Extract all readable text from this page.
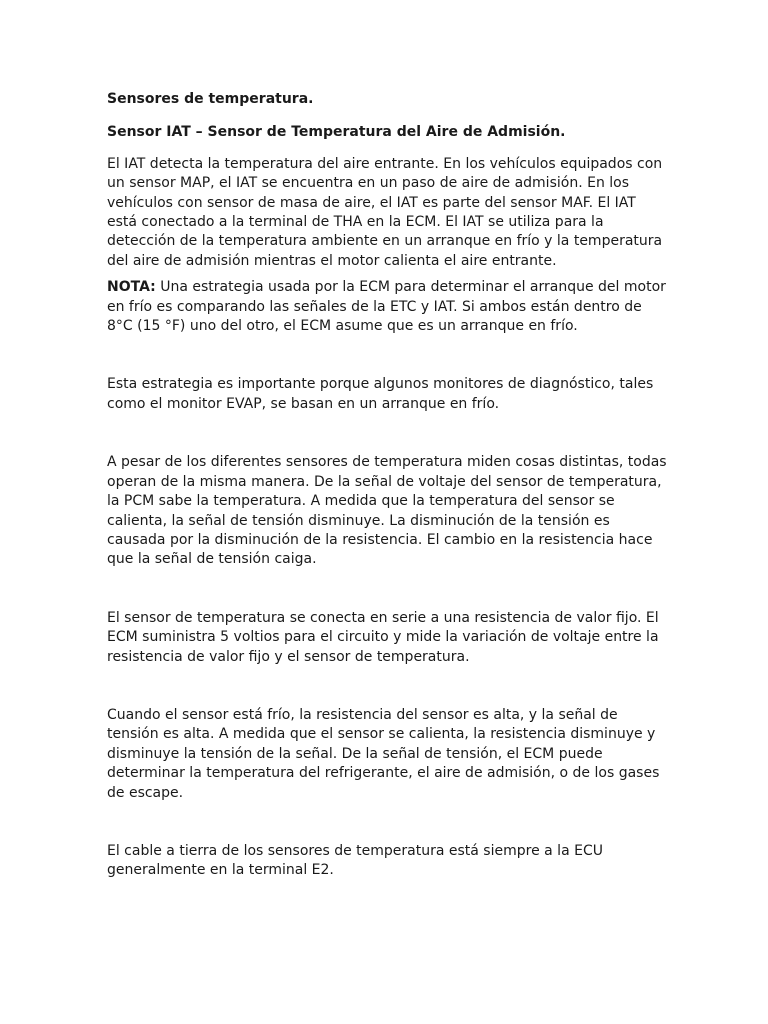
Sensores de temperatura.

Sensor IAT – Sensor de Temperatura del Aire de Admisión.

El IAT detecta la temperatura del aire entrante. En los vehículos equipados con un sensor MAP, el IAT se encuentra en un paso de aire de admisión. En los vehículos con sensor de masa de aire, el IAT es parte del sensor MAF. El IAT está conectado a la terminal de THA en la ECM. El IAT se utiliza para la detección de la temperatura ambiente en un arranque en frío y la temperatura del aire de admisión mientras el motor calienta el aire entrante.

NOTA: Una estrategia usada por la ECM para determinar el arranque del motor en frío es comparando las señales de la ETC y IAT. Si ambos están dentro de 8°C (15 °F) uno del otro, el ECM asume que es un arranque en frío.

Esta estrategia es importante porque algunos monitores de diagnóstico, tales como el monitor EVAP, se basan en un arranque en frío.

A pesar de los diferentes sensores de temperatura miden cosas distintas, todas operan de la misma manera. De la señal de voltaje del sensor de temperatura, la PCM sabe la temperatura. A medida que la temperatura del sensor se calienta, la señal de tensión disminuye. La disminución de la tensión es causada por la disminución de la resistencia. El cambio en la resistencia hace que la señal de tensión caiga.

El sensor de temperatura se conecta en serie a una resistencia de valor fijo. El ECM suministra 5 voltios para el circuito y mide la variación de voltaje entre la resistencia de valor fijo y el sensor de temperatura.

Cuando el sensor está frío, la resistencia del sensor es alta, y la señal de tensión es alta. A medida que el sensor se calienta, la resistencia disminuye y disminuye la tensión de la señal. De la señal de tensión, el ECM puede determinar la temperatura del refrigerante, el aire de admisión, o de los gases de escape.

El cable a tierra de los sensores de temperatura está siempre a la ECU generalmente en la terminal E2.
